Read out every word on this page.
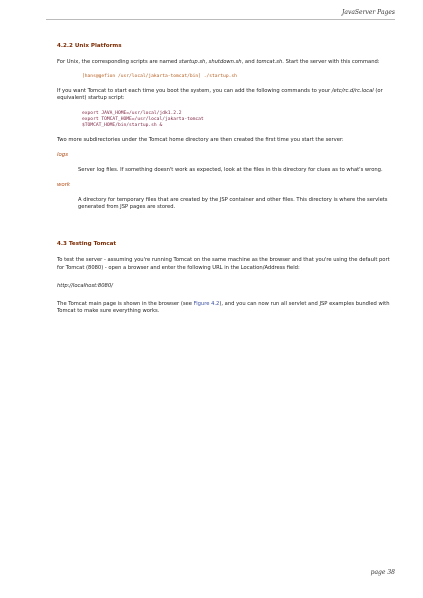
JavaServer Pages
4.2.2 Unix Platforms

For Unix, the corresponding scripts are named startup.sh, shutdown.sh, and tomcat.sh. Start the server with this command:

[hans@gefion /usr/local/jakarta-tomcat/bin] ./startup.sh

If you want Tomcat to start each time you boot the system, you can add the following commands to your /etc/rc.d/rc.local (or equivalent) startup script:

export JAVA_HOME=/usr/local/jdk1.2.2
export TOMCAT_HOME=/usr/local/jakarta-tomcat
$TOMCAT_HOME/bin/startup.sh &

Two more subdirectories under the Tomcat home directory are then created the first time you start the server:

logs

Server log files. If something doesn't work as expected, look at the files in this directory for clues as to what's wrong.

work

A directory for temporary files that are created by the JSP container and other files. This directory is where the servlets generated from JSP pages are stored.

4.3 Testing Tomcat

To test the server - assuming you're running Tomcat on the same machine as the browser and that you're using the default port for Tomcat (8080) - open a browser and enter the following URL in the Location/Address field:

http://localhost:8080/

The Tomcat main page is shown in the browser (see Figure 4.2), and you can now run all servlet and JSP examples bundled with Tomcat to make sure everything works.

page 38
